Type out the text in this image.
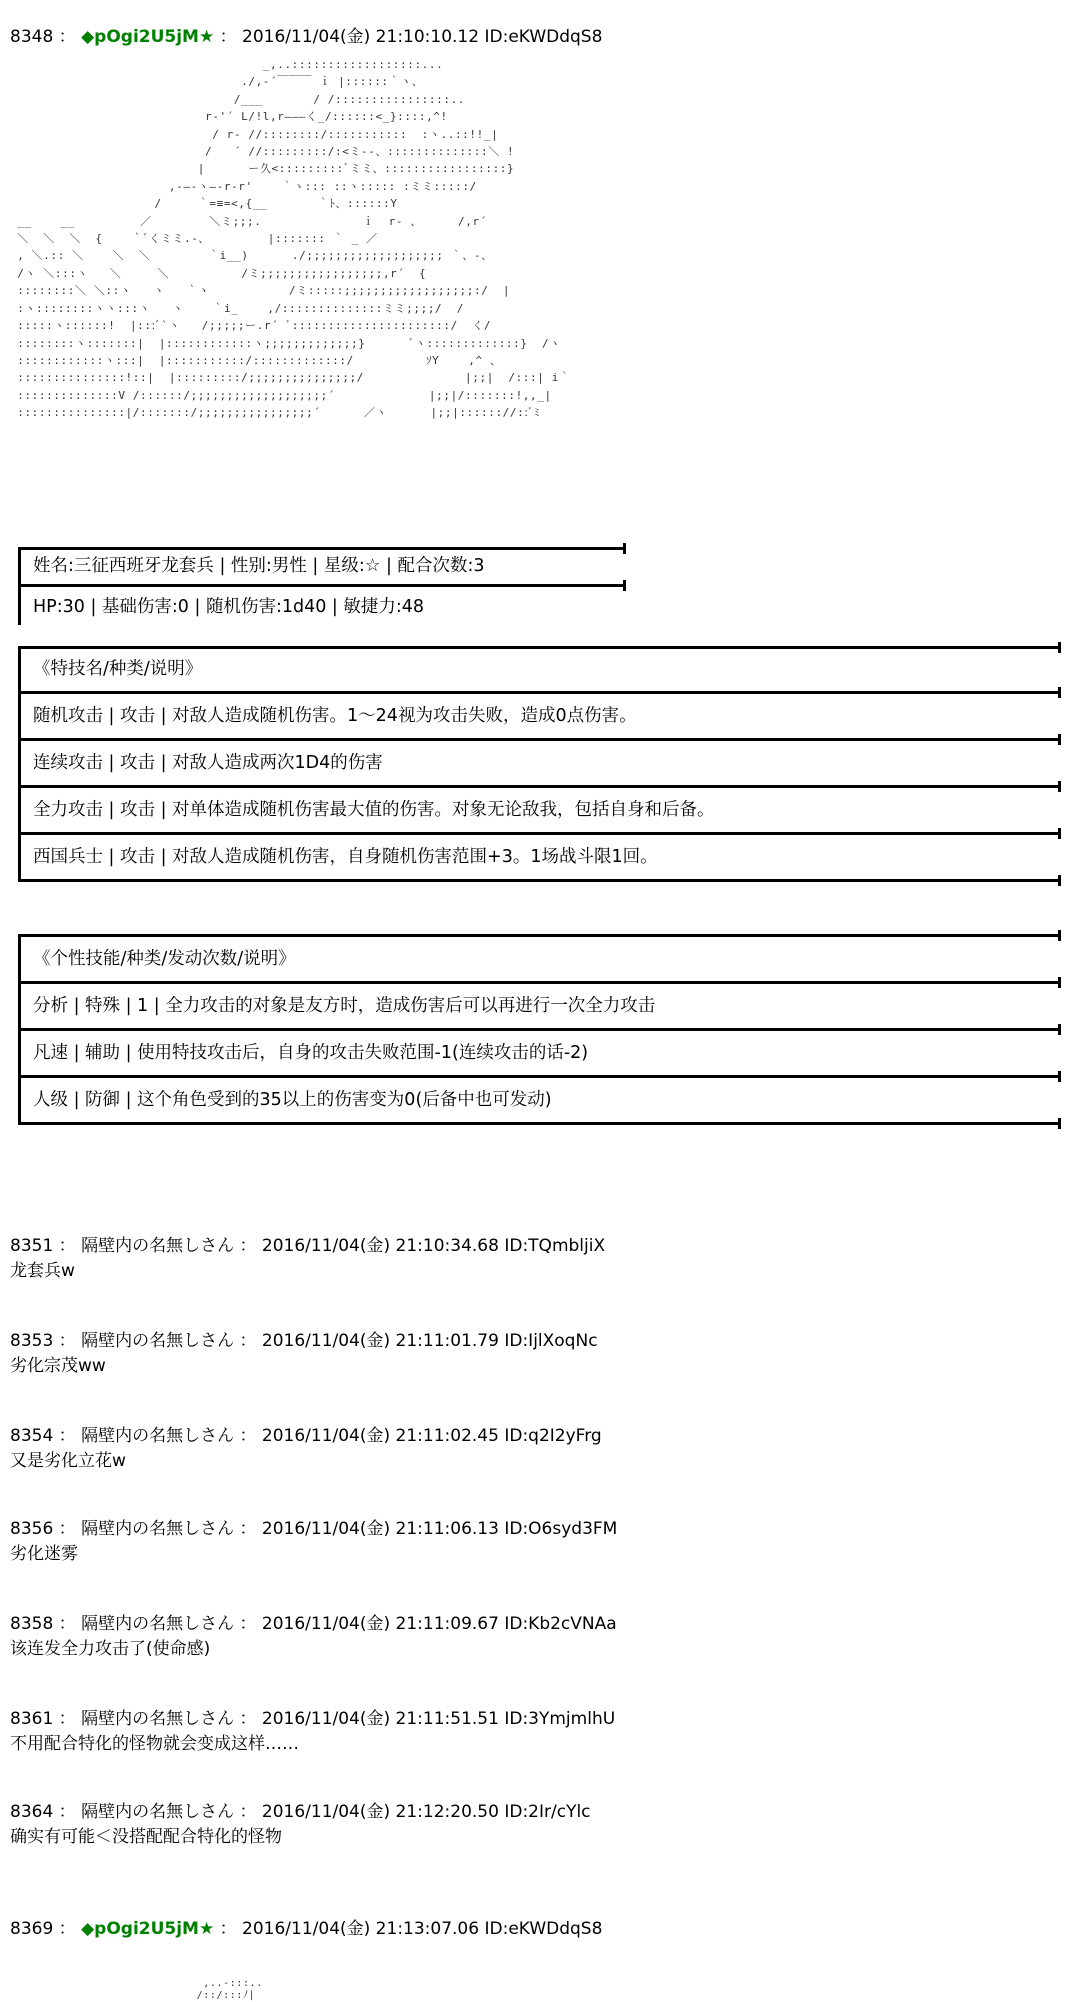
8348 ： ◆pOgi2U5jM★ ： 2016/11/04(金) 21:10:10.12 ID:eKWDdqS8
_,..::::::::::::::::::...
./,-´￣￣￣ ｉ |::::::｀ヽ、
/___       / /::::::::::::::::..
r‐'´ L/!l,r―――く_/::::::<_}::::,^!
/ r‐ //::::::::/:::::::::::  :ヽ..::!!_|
/   ´ //:::::::::/:<ミ--、::::::::::::::＼ !
|      ー久<:::::::::ﾞミミ、:::::::::::::::::}
,-―-ヽ―-r-r'    ｀ヽ::: ::ヽ::::: :ミミ:::::/
/     ｀=≡=<,{__       ｀ﾄ、::::::Y
__    __         ／        ＼ミ;;;.              ｉ  r‐ 、     /,r´
＼  ＼  ＼  {    ｀ﾞくミミ.-、        |::::::: ｀ _ ／
, ＼.:: ＼    ＼  ＼        ｀i__)      ./;;;;;;;;;;;;;;;;;;; ｀、-、
/ヽ ＼:::ヽ   ＼     ＼          /ミ;;;;;;;;;;;;;;;;;,r´  {
::::::::＼ ＼::ヽ   ヽ   ｀ヽ           /ミ:::::;;;;;;;;;;;;;;;;;;:/  |
:ヽ::::::::ヽヽ:::ヽ   ヽ    ｀i_    ,/::::::::::::::ミミ;;;;/  /
:::::ヽ::::::!  |:::ﾞ`ヽ   /;;;;;ー.r´ ﾞ::::::::::::::::::::::/  く/
::::::::ヽ:::::::|  |::::::::::::ヽ;;;;;;;;;;;;;}      ﾞヽ:::::::::::::}  /ヽ
::::::::::::ヽ:::|  |:::::::::::/:::::::::::::/          ｿY    ,^ 、
:::::::::::::::!::|  |:::::::::/;;;;;;;;;;;;;;;/              |;;|  /:::| i｀
::::::::::::::V /::::::/;;;;;;;;;;;;;;;;;;;´             |;;|/:::::::!,,_|
:::::::::::::::|/:::::::/;;;;;;;;;;;;;;;;´      ／ヽ      |;;|:::::://::ﾞﾐ

姓名:三征西班牙龙套兵 | 性别:男性 | 星级:☆ | 配合次数:3
HP:30 | 基础伤害:0 | 随机伤害:1d40 | 敏捷力:48
《特技名/种类/说明》
随机攻击 | 攻击 | 对敌人造成随机伤害。1～24视为攻击失败，造成0点伤害。
连续攻击 | 攻击 | 对敌人造成两次1D4的伤害
全力攻击 | 攻击 | 对单体造成随机伤害最大值的伤害。对象无论敌我，包括自身和后备。
西国兵士 | 攻击 | 对敌人造成随机伤害，自身随机伤害范围+3。1场战斗限1回。
《个性技能/种类/发动次数/说明》
分析 | 特殊 | 1 | 全力攻击的对象是友方时，造成伤害后可以再进行一次全力攻击
凡速 | 辅助 | 使用特技攻击后，自身的攻击失败范围-1(连续攻击的话-2)
人级 | 防御 | 这个角色受到的35以上的伤害变为0(后备中也可发动)
8351 ： 隔壁内の名無しさん ： 2016/11/04(金) 21:10:34.68 ID:TQmbljiX
龙套兵w
8353 ： 隔壁内の名無しさん ： 2016/11/04(金) 21:11:01.79 ID:IjlXoqNc
劣化宗茂ww
8354 ： 隔壁内の名無しさん ： 2016/11/04(金) 21:11:02.45 ID:q2I2yFrg
又是劣化立花w
8356 ： 隔壁内の名無しさん ： 2016/11/04(金) 21:11:06.13 ID:O6syd3FM
劣化迷雾
8358 ： 隔壁内の名無しさん ： 2016/11/04(金) 21:11:09.67 ID:Kb2cVNAa
该连发全力攻击了(使命感)
8361 ： 隔壁内の名無しさん ： 2016/11/04(金) 21:11:51.51 ID:3YmjmlhU
不用配合特化的怪物就会变成这样……
8364 ： 隔壁内の名無しさん ： 2016/11/04(金) 21:12:20.50 ID:2Ir/cYlc
确实有可能＜没搭配配合特化的怪物
8369 ： ◆pOgi2U5jM★ ： 2016/11/04(金) 21:13:07.06 ID:eKWDdqS8
,..-:::..
/::/:::ﾉ|
